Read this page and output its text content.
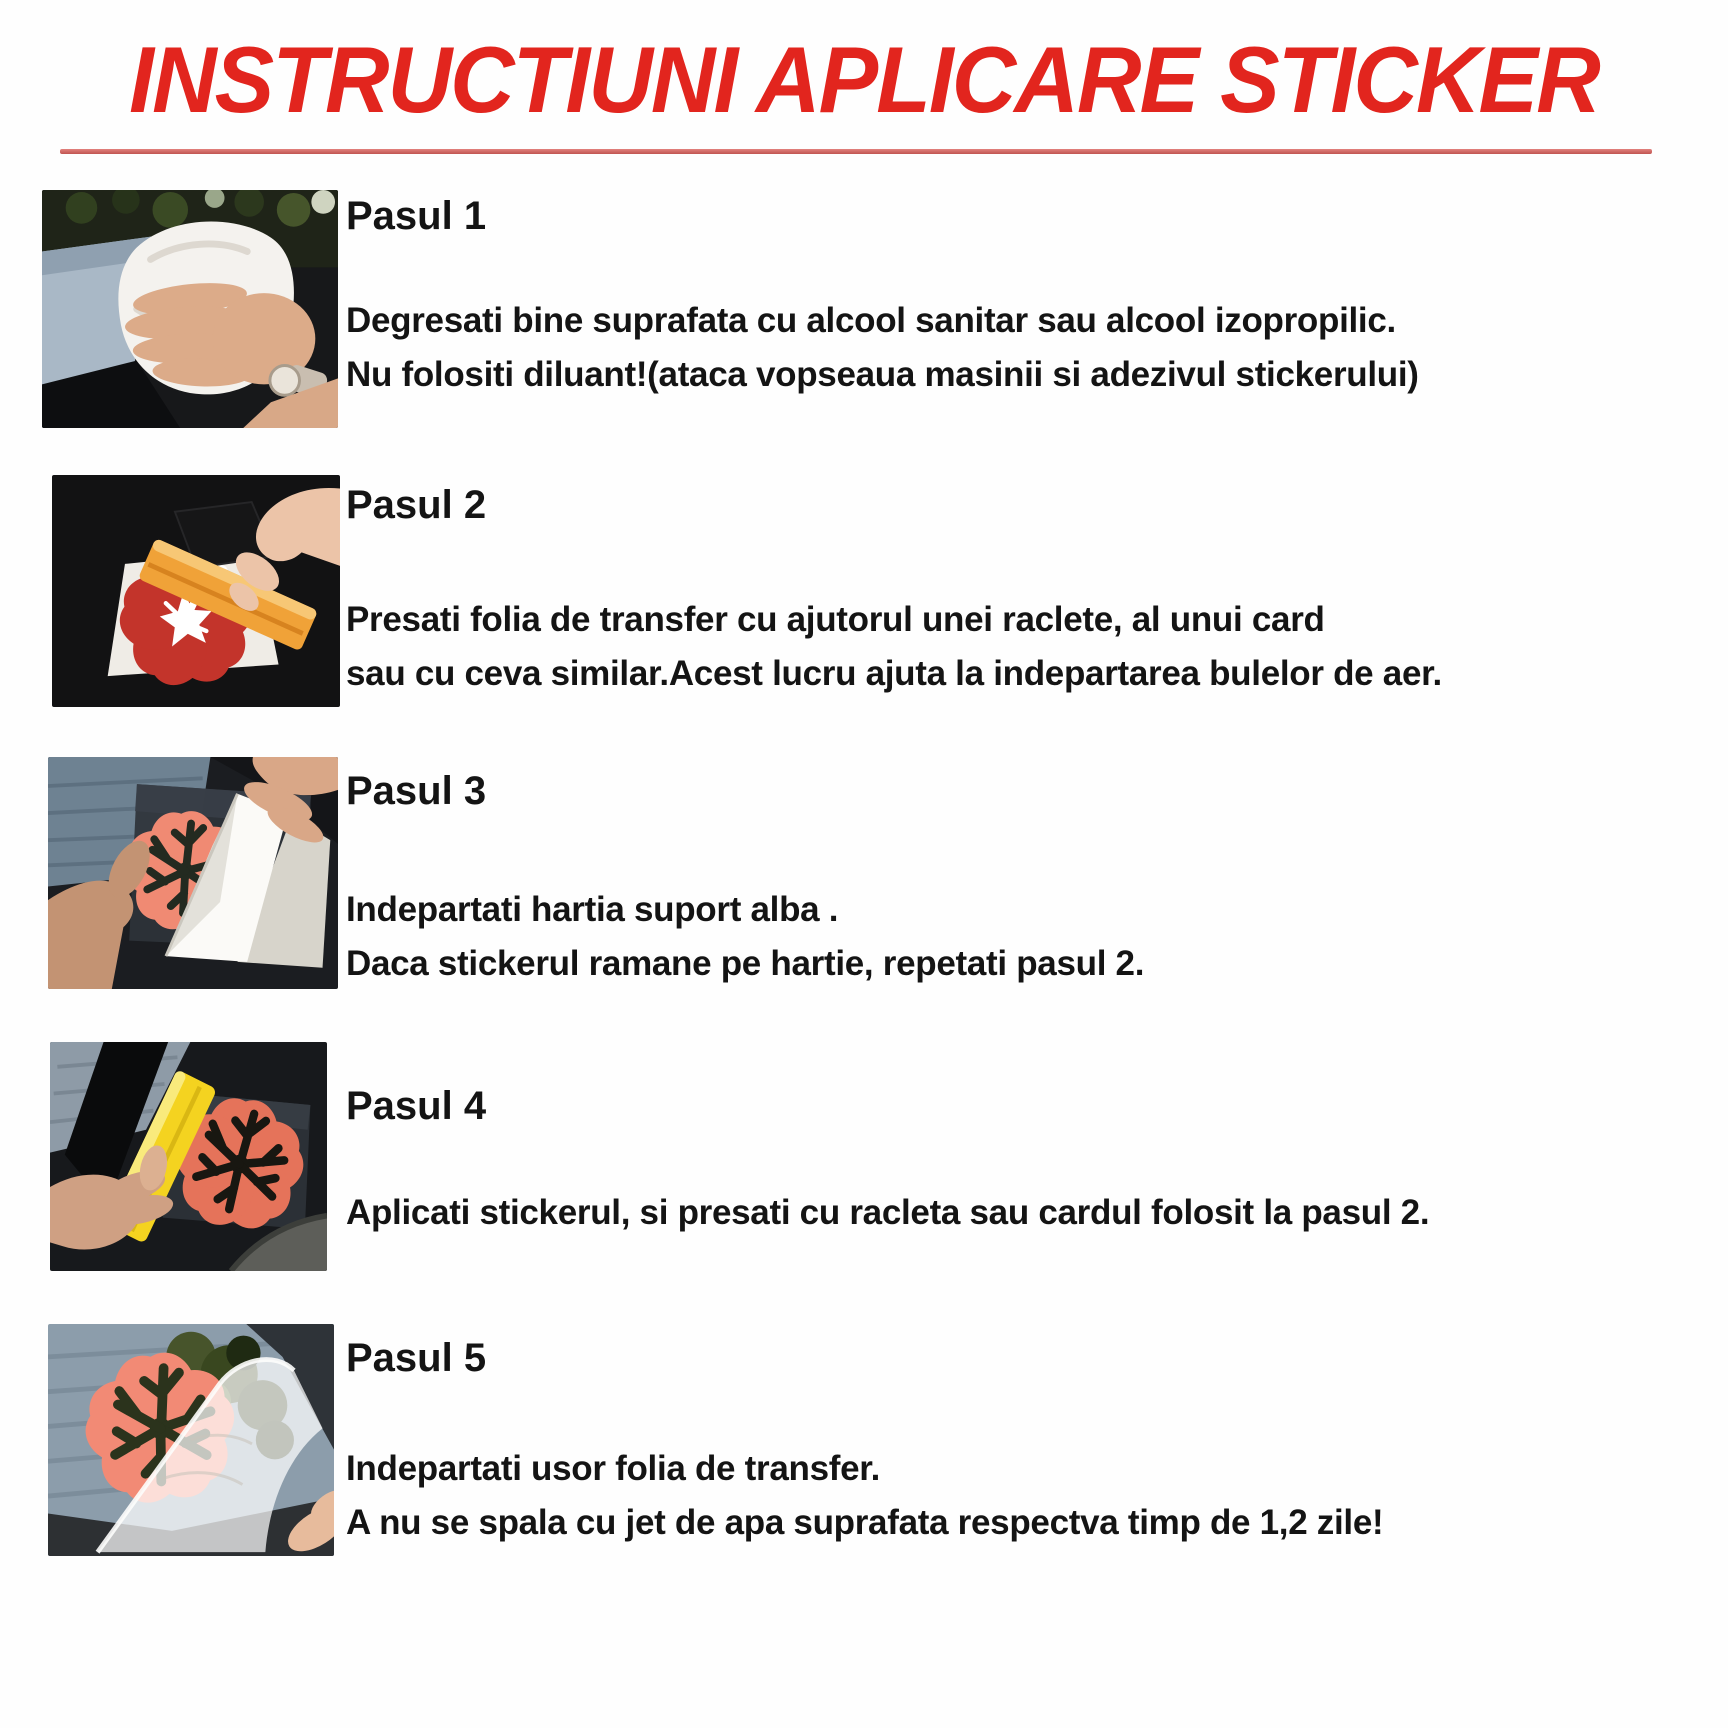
INSTRUCTIUNI APLICARE STICKER
Pasul 1
Degresati bine suprafata cu alcool sanitar sau alcool izopropilic.
Nu folositi diluant!(ataca vopseaua masinii si adezivul stickerului)
Pasul 2
Presati folia de transfer cu ajutorul unei raclete, al unui card
sau cu ceva similar.Acest lucru ajuta la indepartarea bulelor de aer.
Pasul 3
Indepartati hartia suport alba .
Daca stickerul ramane pe hartie, repetati pasul 2.
Pasul 4
Aplicati stickerul, si presati cu racleta sau cardul folosit la pasul 2.
Pasul 5
Indepartati usor folia de transfer.
A nu se spala cu jet de apa suprafata respectva timp de 1,2 zile!
